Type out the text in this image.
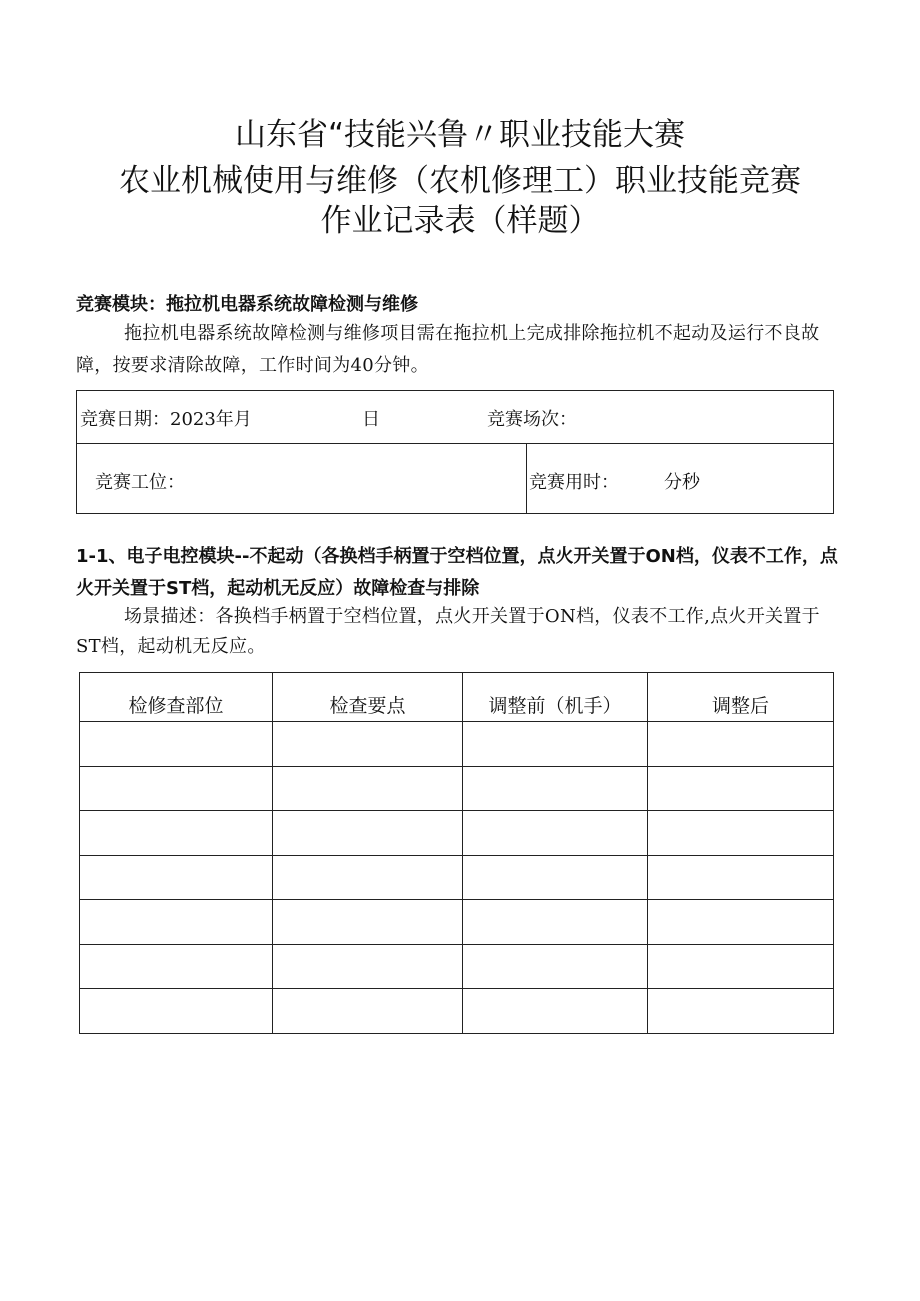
山东省“技能兴鲁〃职业技能大赛
农业机械使用与维修（农机修理工）职业技能竞赛
作业记录表（样题）
竞赛模块：拖拉机电器系统故障检测与维修
拖拉机电器系统故障检测与维修项目需在拖拉机上完成排除拖拉机不起动及运行不良故障，按要求清除故障，工作时间为40分钟。
竞赛日期：2023年月	日	竞赛场次：
竞赛工位：	竞赛用时：	分秒
1-1、电子电控模块--不起动（各换档手柄置于空档位置，点火开关置于ON档，仪表不工作，点火开关置于ST档，起动机无反应）故障检查与排除
场景描述：各换档手柄置于空档位置，点火开关置于ON档，仪表不工作,点火开关置于ST档，起动机无反应。
检修查部位	检查要点	调整前（机手）	调整后
